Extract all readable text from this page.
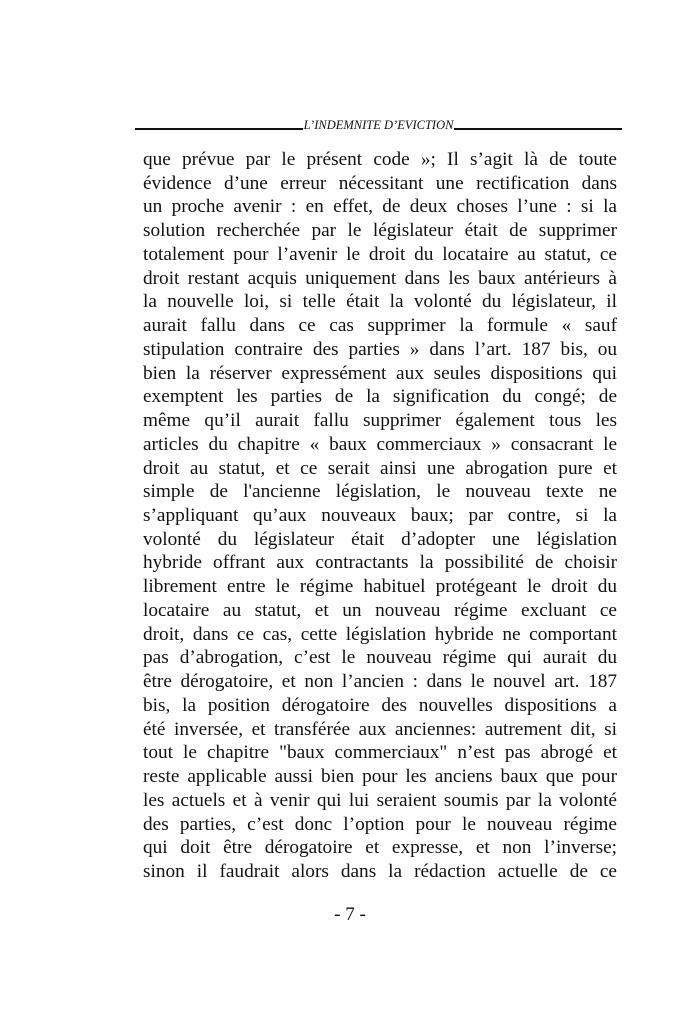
L’INDEMNITE D’EVICTION
que prévue par le présent code »; Il s’agit là de toute
évidence d’une erreur nécessitant une rectification dans
un proche avenir : en effet, de deux choses l’une : si la
solution recherchée par le législateur était de supprimer
totalement pour l’avenir le droit du locataire au statut, ce
droit restant acquis uniquement dans les baux antérieurs à
la nouvelle loi, si telle était la volonté du législateur, il
aurait fallu dans ce cas supprimer la formule « sauf
stipulation contraire des parties » dans l’art. 187 bis, ou
bien la réserver expressément aux seules dispositions qui
exemptent les parties de la signification du congé; de
même qu’il aurait fallu supprimer également tous les
articles du chapitre « baux commerciaux » consacrant le
droit au statut, et ce serait ainsi une abrogation pure et
simple de l'ancienne législation, le nouveau texte ne
s’appliquant qu’aux nouveaux baux; par contre, si la
volonté du législateur était d’adopter une législation
hybride offrant aux contractants la possibilité de choisir
librement entre le régime habituel protégeant le droit du
locataire au statut, et un nouveau régime excluant ce
droit, dans ce cas, cette législation hybride ne comportant
pas d’abrogation, c’est le nouveau régime qui aurait du
être dérogatoire, et non l’ancien : dans le nouvel art. 187
bis, la position dérogatoire des nouvelles dispositions a
été inversée, et transférée aux anciennes: autrement dit, si
tout le chapitre "baux commerciaux" n’est pas abrogé et
reste applicable aussi bien pour les anciens baux que pour
les actuels et à venir qui lui seraient soumis par la volonté
des parties, c’est donc l’option pour le nouveau régime
qui doit être dérogatoire et expresse, et non l’inverse;
sinon il faudrait alors dans la rédaction actuelle de ce
- 7 -
